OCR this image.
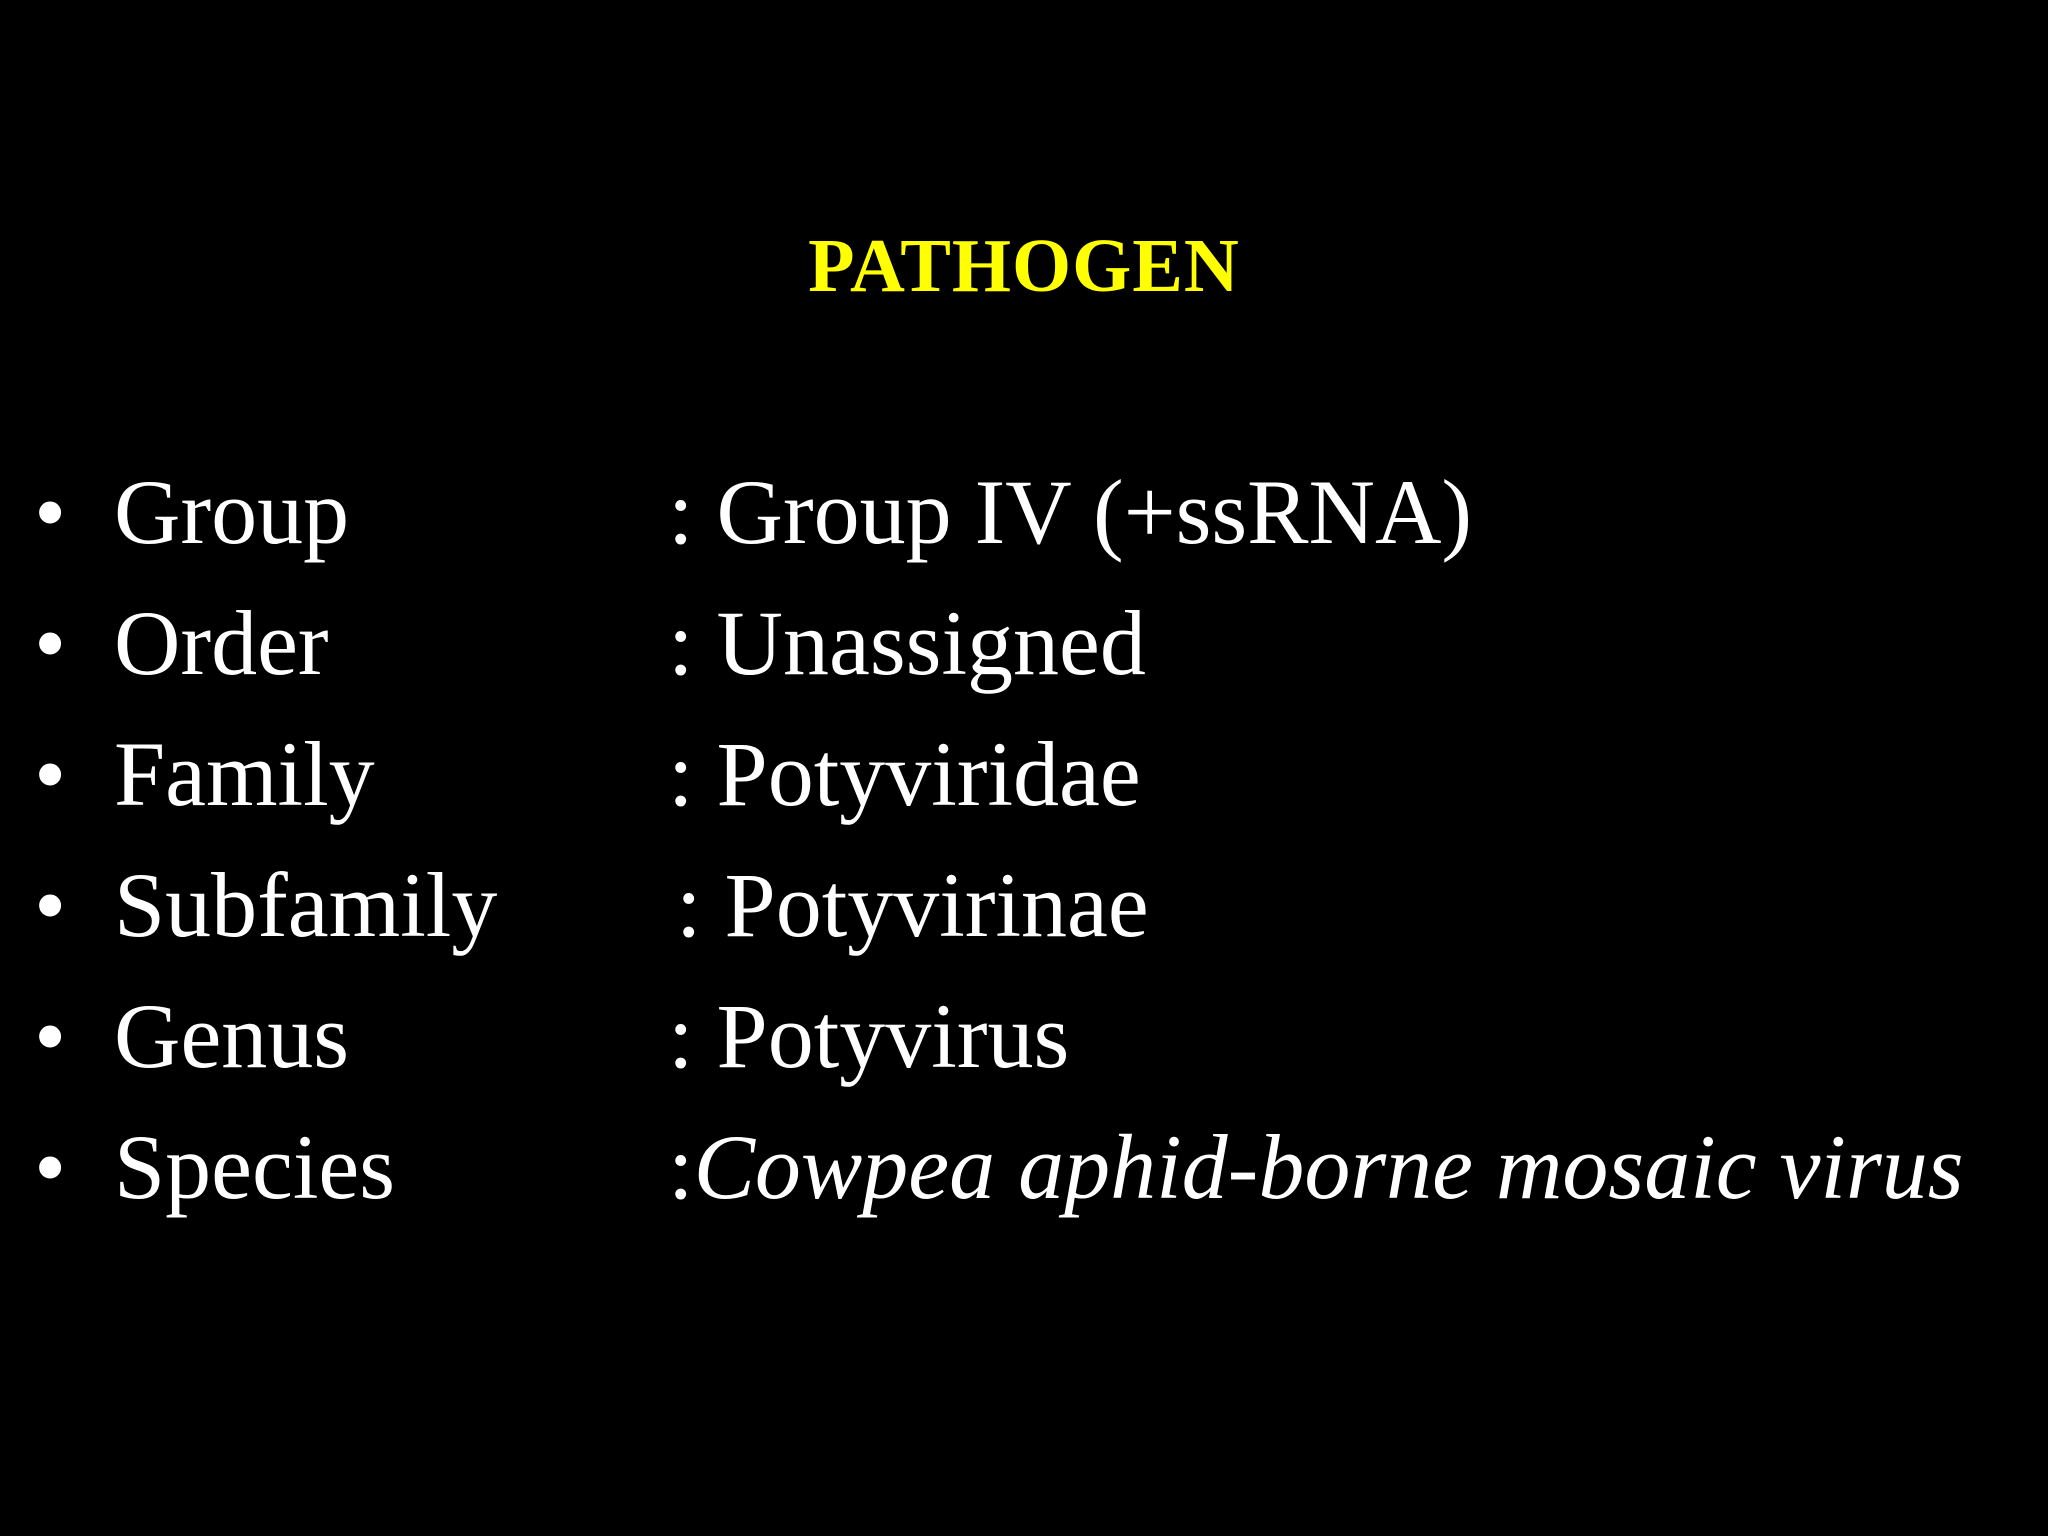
PATHOGEN
• Group	: Group IV (+ssRNA)
• Order	: Unassigned
• Family	: Potyviridae
• Subfamily : Potyvirinae
• Genus	: Potyvirus
• Species	:Cowpea aphid-borne mosaic virus
